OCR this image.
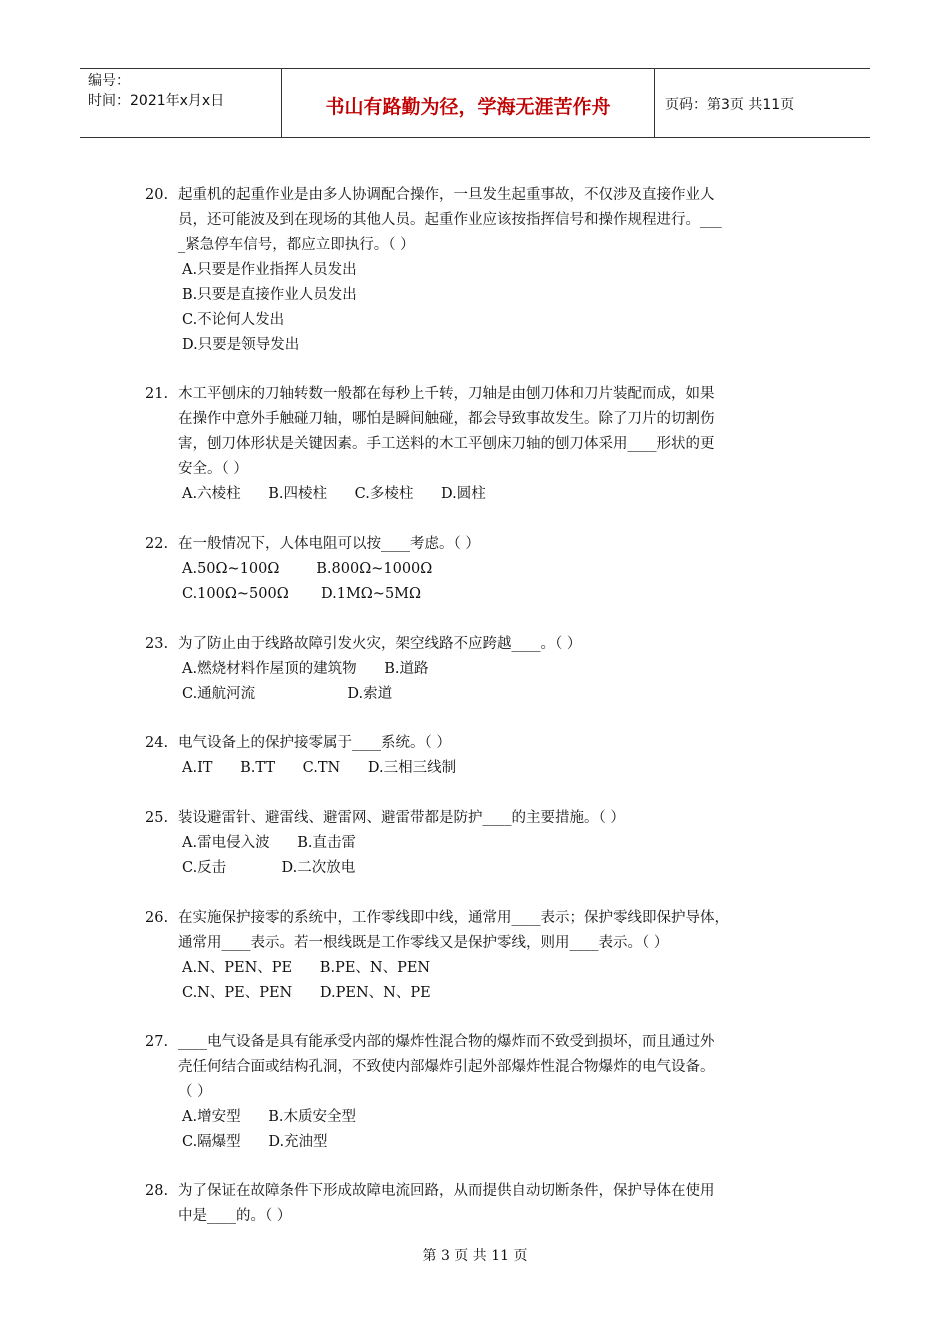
编号：
时间：2021年x月x日	书山有路勤为径，学海无涯苦作舟	页码：第3页 共11页
20. 起重机的起重作业是由多人协调配合操作，一旦发生起重事故，不仅涉及直接作业人
员，还可能波及到在现场的其他人员。起重作业应该按指挥信号和操作规程进行。___
_紧急停车信号，都应立即执行。（ ）
A.只要是作业指挥人员发出
B.只要是直接作业人员发出
C.不论何人发出
D.只要是领导发出
21. 木工平刨床的刀轴转数一般都在每秒上千转，刀轴是由刨刀体和刀片装配而成，如果
在操作中意外手触碰刀轴，哪怕是瞬间触碰，都会导致事故发生。除了刀片的切割伤
害，刨刀体形状是关键因素。手工送料的木工平刨床刀轴的刨刀体采用____形状的更
安全。（ ）
A.六棱柱      B.四棱柱      C.多棱柱      D.圆柱
22. 在一般情况下，人体电阻可以按____考虑。（ ）
A.50Ω~100Ω        B.800Ω~1000Ω
C.100Ω~500Ω       D.1MΩ~5MΩ
23. 为了防止由于线路故障引发火灾，架空线路不应跨越____。（ ）
A.燃烧材料作屋顶的建筑物      B.道路
C.通航河流                    D.索道
24. 电气设备上的保护接零属于____系统。（ ）
A.IT      B.TT      C.TN      D.三相三线制
25. 装设避雷针、避雷线、避雷网、避雷带都是防护____的主要措施。（ ）
A.雷电侵入波      B.直击雷
C.反击            D.二次放电
26. 在实施保护接零的系统中，工作零线即中线，通常用____表示；保护零线即保护导体，
通常用____表示。若一根线既是工作零线又是保护零线，则用____表示。（ ）
A.N、PEN、PE      B.PE、N、PEN
C.N、PE、PEN      D.PEN、N、PE
27. ____电气设备是具有能承受内部的爆炸性混合物的爆炸而不致受到损坏，而且通过外
壳任何结合面或结构孔洞，不致使内部爆炸引起外部爆炸性混合物爆炸的电气设备。
（ ）
A.增安型      B.木质安全型
C.隔爆型      D.充油型
28. 为了保证在故障条件下形成故障电流回路，从而提供自动切断条件，保护导体在使用
中是____的。（ ）
第 3 页 共 11 页
